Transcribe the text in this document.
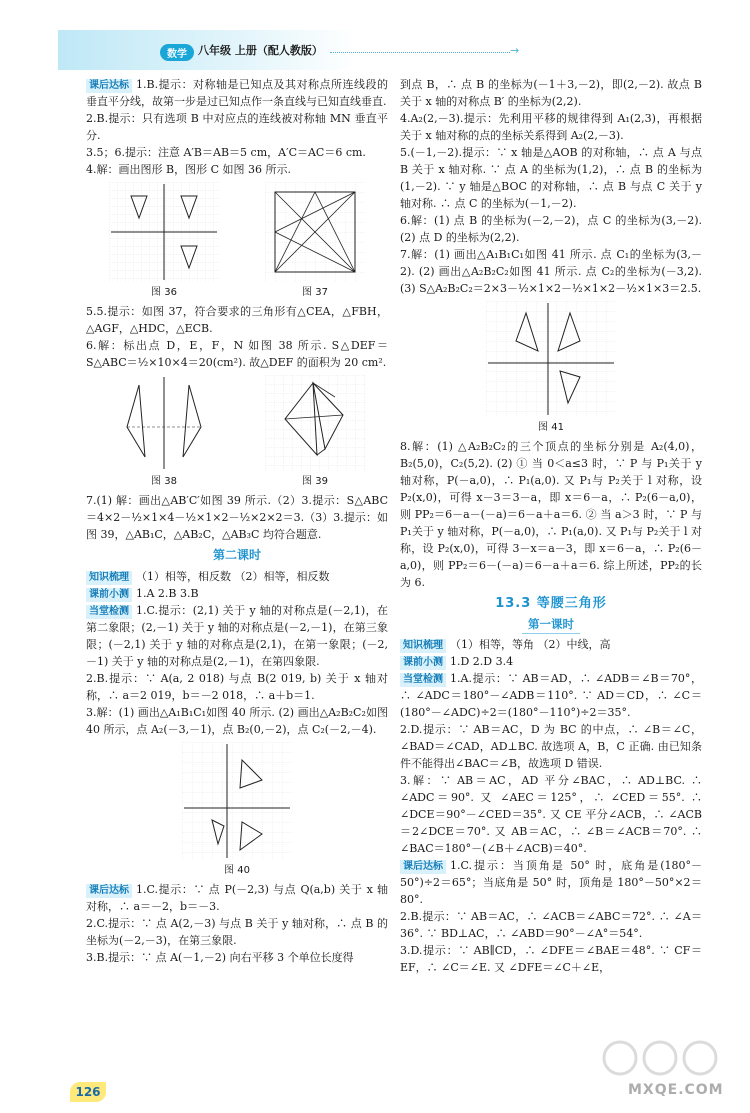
数学	八年级 上册（配人教版）	→

课后达标 1.B.提示：对称轴是已知点及其对称点所连线段的垂直平分线，故第一步是过已知点作一条直线与已知直线垂直.

2.B.提示：只有选项 B 中对应点的连线被对称轴 MN 垂直平分.

3.5；6.提示：注意 A′B＝AB＝5 cm，A′C＝AC＝6 cm.

4.解：画出图形 B，图形 C 如图 36 所示.

图 36	图 37

5.5.提示：如图 37，符合要求的三角形有△CEA，△FBH，△AGF，△HDC，△ECB.

6.解：标出点 D，E，F，N 如图 38 所示. S△DEF＝S△ABC＝½×10×4＝20(cm²). 故△DEF 的面积为 20 cm².

图 38	图 39

7.(1) 解：画出△AB′C′如图 39 所示.（2）3.提示：S△ABC＝4×2－½×1×4－½×1×2－½×2×2＝3.（3）3.提示：如图 39，△AB₁C，△AB₂C，△AB₃C 均符合题意.

第二课时

知识梳理 （1）相等，相反数 （2）相等，相反数

课前小测 1.A 2.B 3.B

当堂检测 1.C.提示：(2,1) 关于 y 轴的对称点是(－2,1)，在第二象限；(2,－1) 关于 y 轴的对称点是(－2,－1)，在第三象限；(－2,1) 关于 y 轴的对称点是(2,1)，在第一象限；(－2,－1) 关于 y 轴的对称点是(2,－1)，在第四象限.

2.B.提示：∵ A(a, 2 018) 与点 B(2 019, b) 关于 x 轴对称，∴ a＝2 019，b＝－2 018，∴ a＋b＝1.

3.解：(1) 画出△A₁B₁C₁如图 40 所示. (2) 画出△A₂B₂C₂如图 40 所示，点 A₂(－3,－1)，点 B₂(0,－2)，点 C₂(－2,－4).

图 40

课后达标 1.C.提示：∵ 点 P(－2,3) 与点 Q(a,b) 关于 x 轴对称，∴ a＝－2，b＝－3.

2.C.提示：∵ 点 A(2,－3) 与点 B 关于 y 轴对称，∴ 点 B 的坐标为(－2,－3)，在第三象限.

3.B.提示：∵ 点 A(－1,－2) 向右平移 3 个单位长度得

到点 B，∴ 点 B 的坐标为(－1＋3,－2)，即(2,－2). 故点 B 关于 x 轴的对称点 B′ 的坐标为(2,2).

4.A₂(2,－3).提示：先利用平移的规律得到 A₁(2,3)，再根据关于 x 轴对称的点的坐标关系得到 A₂(2,－3).

5.(－1,－2).提示：∵ x 轴是△AOB 的对称轴，∴ 点 A 与点 B 关于 x 轴对称. ∵ 点 A 的坐标为(1,2)，∴ 点 B 的坐标为(1,－2). ∵ y 轴是△BOC 的对称轴，∴ 点 B 与点 C 关于 y 轴对称. ∴ 点 C 的坐标为(－1,－2).

6.解：(1) 点 B 的坐标为(－2,－2)，点 C 的坐标为(3,－2). (2) 点 D 的坐标为(2,2).

7.解：(1) 画出△A₁B₁C₁如图 41 所示. 点 C₁的坐标为(3,－2). (2) 画出△A₂B₂C₂如图 41 所示. 点 C₂的坐标为(－3,2). (3) S△A₂B₂C₂＝2×3－½×1×2－½×1×2－½×1×3＝2.5.

图 41

8.解：(1) △A₂B₂C₂的三个顶点的坐标分别是 A₂(4,0)，B₂(5,0)，C₂(5,2). (2) ① 当 0＜a≤3 时，∵ P 与 P₁关于 y 轴对称，P(－a,0)，∴ P₁(a,0). 又 P₁与 P₂关于 l 对称，设 P₂(x,0)，可得 x－3＝3－a，即 x＝6－a，∴ P₂(6－a,0)，则 PP₂＝6－a－(－a)＝6－a＋a＝6. ② 当 a＞3 时，∵ P 与 P₁关于 y 轴对称，P(－a,0)，∴ P₁(a,0). 又 P₁与 P₂关于 l 对称，设 P₂(x,0)，可得 3－x＝a－3，即 x＝6－a，∴ P₂(6－a,0)，则 PP₂＝6－(－a)＝6－a＋a＝6. 综上所述，PP₂的长为 6.

13.3 等腰三角形
第一课时

知识梳理 （1）相等，等角 （2）中线，高

课前小测 1.D 2.D 3.4

当堂检测 1.A.提示：∵ AB＝AD，∴ ∠ADB＝∠B＝70°，∴ ∠ADC＝180°－∠ADB＝110°. ∵ AD＝CD，∴ ∠C＝(180°－∠ADC)÷2＝(180°－110°)÷2＝35°.

2.D.提示：∵ AB＝AC，D 为 BC 的中点，∴ ∠B＝∠C，∠BAD＝∠CAD，AD⊥BC. 故选项 A，B，C 正确. 由已知条件不能得出∠BAC＝∠B，故选项 D 错误.

3.解：∵ AB＝AC，AD 平分∠BAC，∴ AD⊥BC. ∴ ∠ADC＝90°. 又 ∠AEC＝125°，∴ ∠CED＝55°. ∴ ∠DCE＝90°－∠CED＝35°. 又 CE 平分∠ACB，∴ ∠ACB＝2∠DCE＝70°. 又 AB＝AC，∴ ∠B＝∠ACB＝70°. ∴ ∠BAC＝180°－(∠B＋∠ACB)＝40°.

课后达标 1.C.提示：当顶角是 50° 时，底角是(180°－50°)÷2＝65°；当底角是 50° 时，顶角是 180°－50°×2＝80°.

2.B.提示：∵ AB＝AC，∴ ∠ACB＝∠ABC＝72°. ∴ ∠A＝36°. ∵ BD⊥AC，∴ ∠ABD＝90°－∠A°＝54°.

3.D.提示：∵ AB∥CD，∴ ∠DFE＝∠BAE＝48°. ∵ CF＝EF，∴ ∠C＝∠E. 又 ∠DFE＝∠C＋∠E，

126	MXQE.COM
